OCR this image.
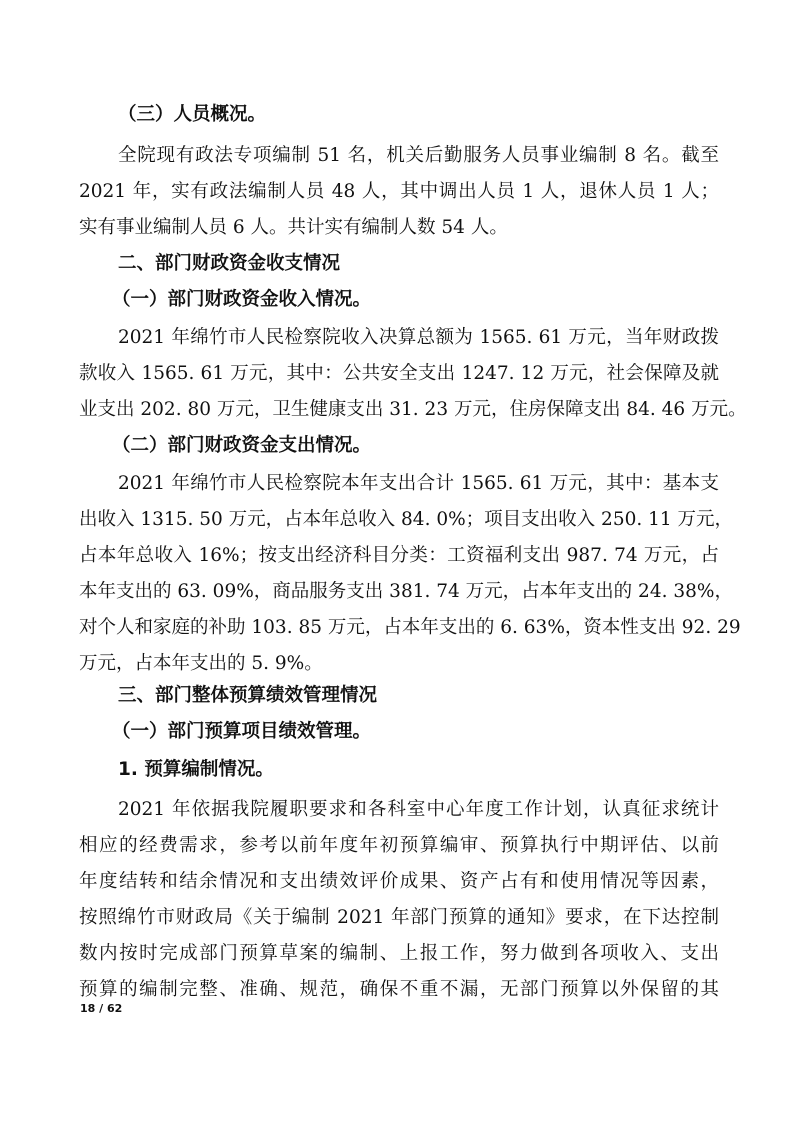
（三）人员概况。
全院现有政法专项编制 51 名，机关后勤服务人员事业编制 8 名。截至
2021 年，实有政法编制人员 48 人，其中调出人员 1 人，退休人员 1 人；
实有事业编制人员 6 人。共计实有编制人数 54 人。
二、部门财政资金收支情况
（一）部门财政资金收入情况。
2021 年绵竹市人民检察院收入决算总额为 1565. 61 万元，当年财政拨
款收入 1565. 61 万元，其中：公共安全支出 1247. 12 万元，社会保障及就
业支出 202. 80 万元，卫生健康支出 31. 23 万元，住房保障支出 84. 46 万元。
（二）部门财政资金支出情况。
2021 年绵竹市人民检察院本年支出合计 1565. 61 万元，其中：基本支
出收入 1315. 50 万元，占本年总收入 84. 0%；项目支出收入 250. 11 万元，
占本年总收入 16%；按支出经济科目分类：工资福利支出 987. 74 万元，占
本年支出的 63. 09%，商品服务支出 381. 74 万元，占本年支出的 24. 38%，
对个人和家庭的补助 103. 85 万元，占本年支出的 6. 63%，资本性支出 92. 29
万元，占本年支出的 5. 9%。
三、部门整体预算绩效管理情况
（一）部门预算项目绩效管理。
1. 预算编制情况。
2021 年依据我院履职要求和各科室中心年度工作计划，认真征求统计
相应的经费需求，参考以前年度年初预算编审、预算执行中期评估、以前
年度结转和结余情况和支出绩效评价成果、资产占有和使用情况等因素，
按照绵竹市财政局《关于编制 2021 年部门预算的通知》要求，在下达控制
数内按时完成部门预算草案的编制、上报工作，努力做到各项收入、支出
预算的编制完整、准确、规范，确保不重不漏，无部门预算以外保留的其
18 / 62
